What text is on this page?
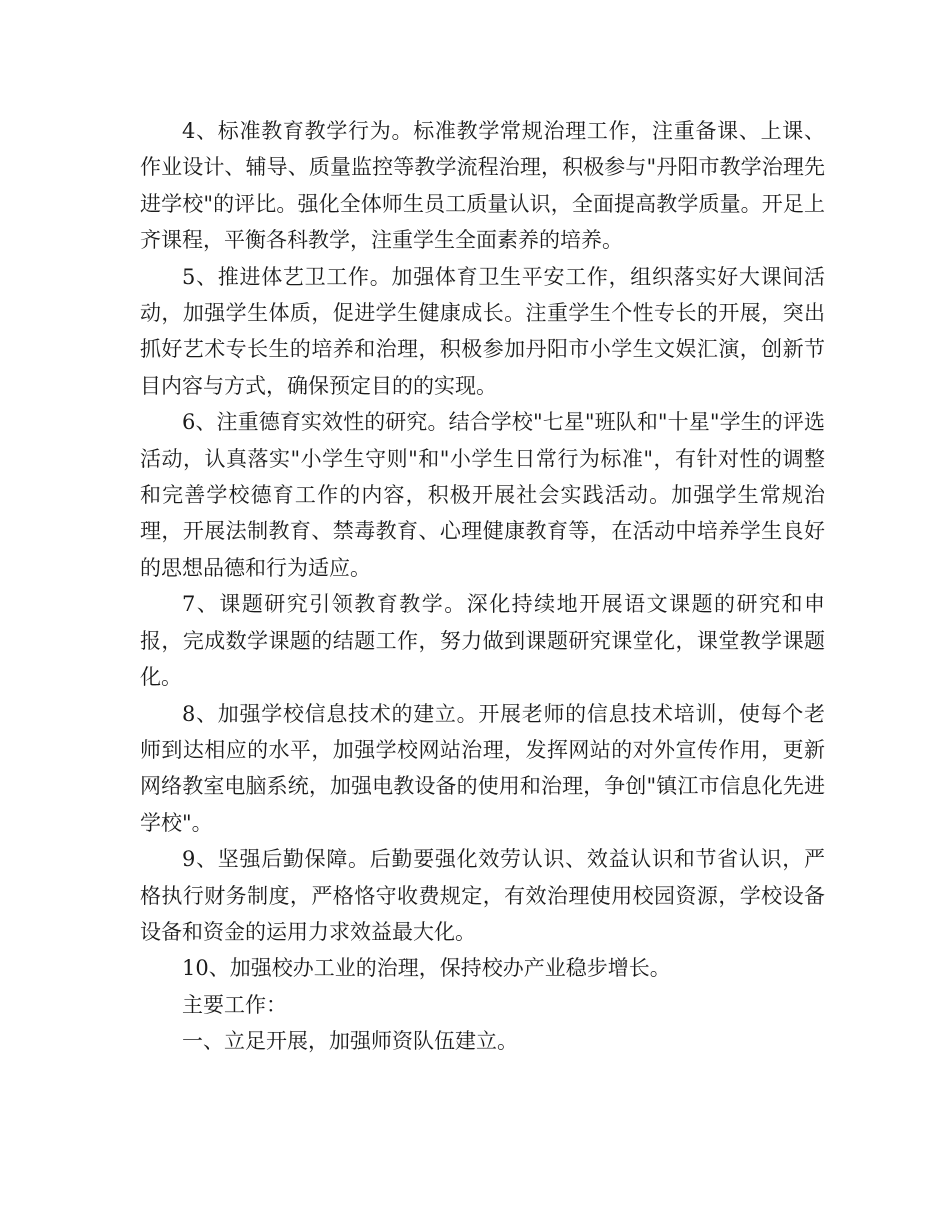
4、标准教育教学行为。标准教学常规治理工作，注重备课、上课、作业设计、辅导、质量监控等教学流程治理，积极参与"丹阳市教学治理先进学校"的评比。强化全体师生员工质量认识，全面提高教学质量。开足上齐课程，平衡各科教学，注重学生全面素养的培养。

5、推进体艺卫工作。加强体育卫生平安工作，组织落实好大课间活动，加强学生体质，促进学生健康成长。注重学生个性专长的开展，突出抓好艺术专长生的培养和治理，积极参加丹阳市小学生文娱汇演，创新节目内容与方式，确保预定目的的实现。

6、注重德育实效性的研究。结合学校"七星"班队和"十星"学生的评选活动，认真落实"小学生守则"和"小学生日常行为标准"，有针对性的调整和完善学校德育工作的内容，积极开展社会实践活动。加强学生常规治理，开展法制教育、禁毒教育、心理健康教育等，在活动中培养学生良好的思想品德和行为适应。

7、课题研究引领教育教学。深化持续地开展语文课题的研究和申报，完成数学课题的结题工作，努力做到课题研究课堂化，课堂教学课题化。

8、加强学校信息技术的建立。开展老师的信息技术培训，使每个老师到达相应的水平，加强学校网站治理，发挥网站的对外宣传作用，更新网络教室电脑系统，加强电教设备的使用和治理，争创"镇江市信息化先进学校"。

9、坚强后勤保障。后勤要强化效劳认识、效益认识和节省认识，严格执行财务制度，严格恪守收费规定，有效治理使用校园资源，学校设备设备和资金的运用力求效益最大化。

10、加强校办工业的治理，保持校办产业稳步增长。

主要工作：

一、立足开展，加强师资队伍建立。
